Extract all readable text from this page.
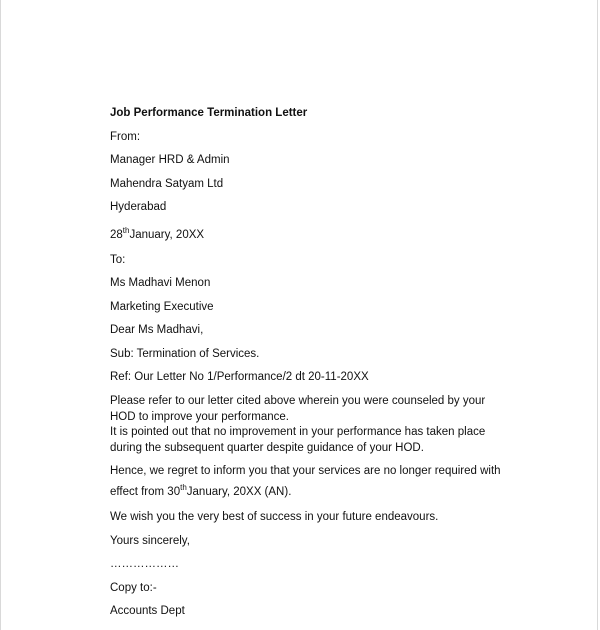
Job Performance Termination Letter
From:
Manager HRD & Admin
Mahendra Satyam Ltd
Hyderabad
28thJanuary, 20XX
To:
Ms Madhavi Menon
Marketing Executive
Dear Ms Madhavi,
Sub: Termination of Services.
Ref: Our Letter No 1/Performance/2 dt 20-11-20XX
Please refer to our letter cited above wherein you were counseled by your
HOD to improve your performance.
It is pointed out that no improvement in your performance has taken place
during the subsequent quarter despite guidance of your HOD.
Hence, we regret to inform you that your services are no longer required with
effect from 30thJanuary, 20XX (AN).
We wish you the very best of success in your future endeavours.
Yours sincerely,
………………
Copy to:-
Accounts Dept
